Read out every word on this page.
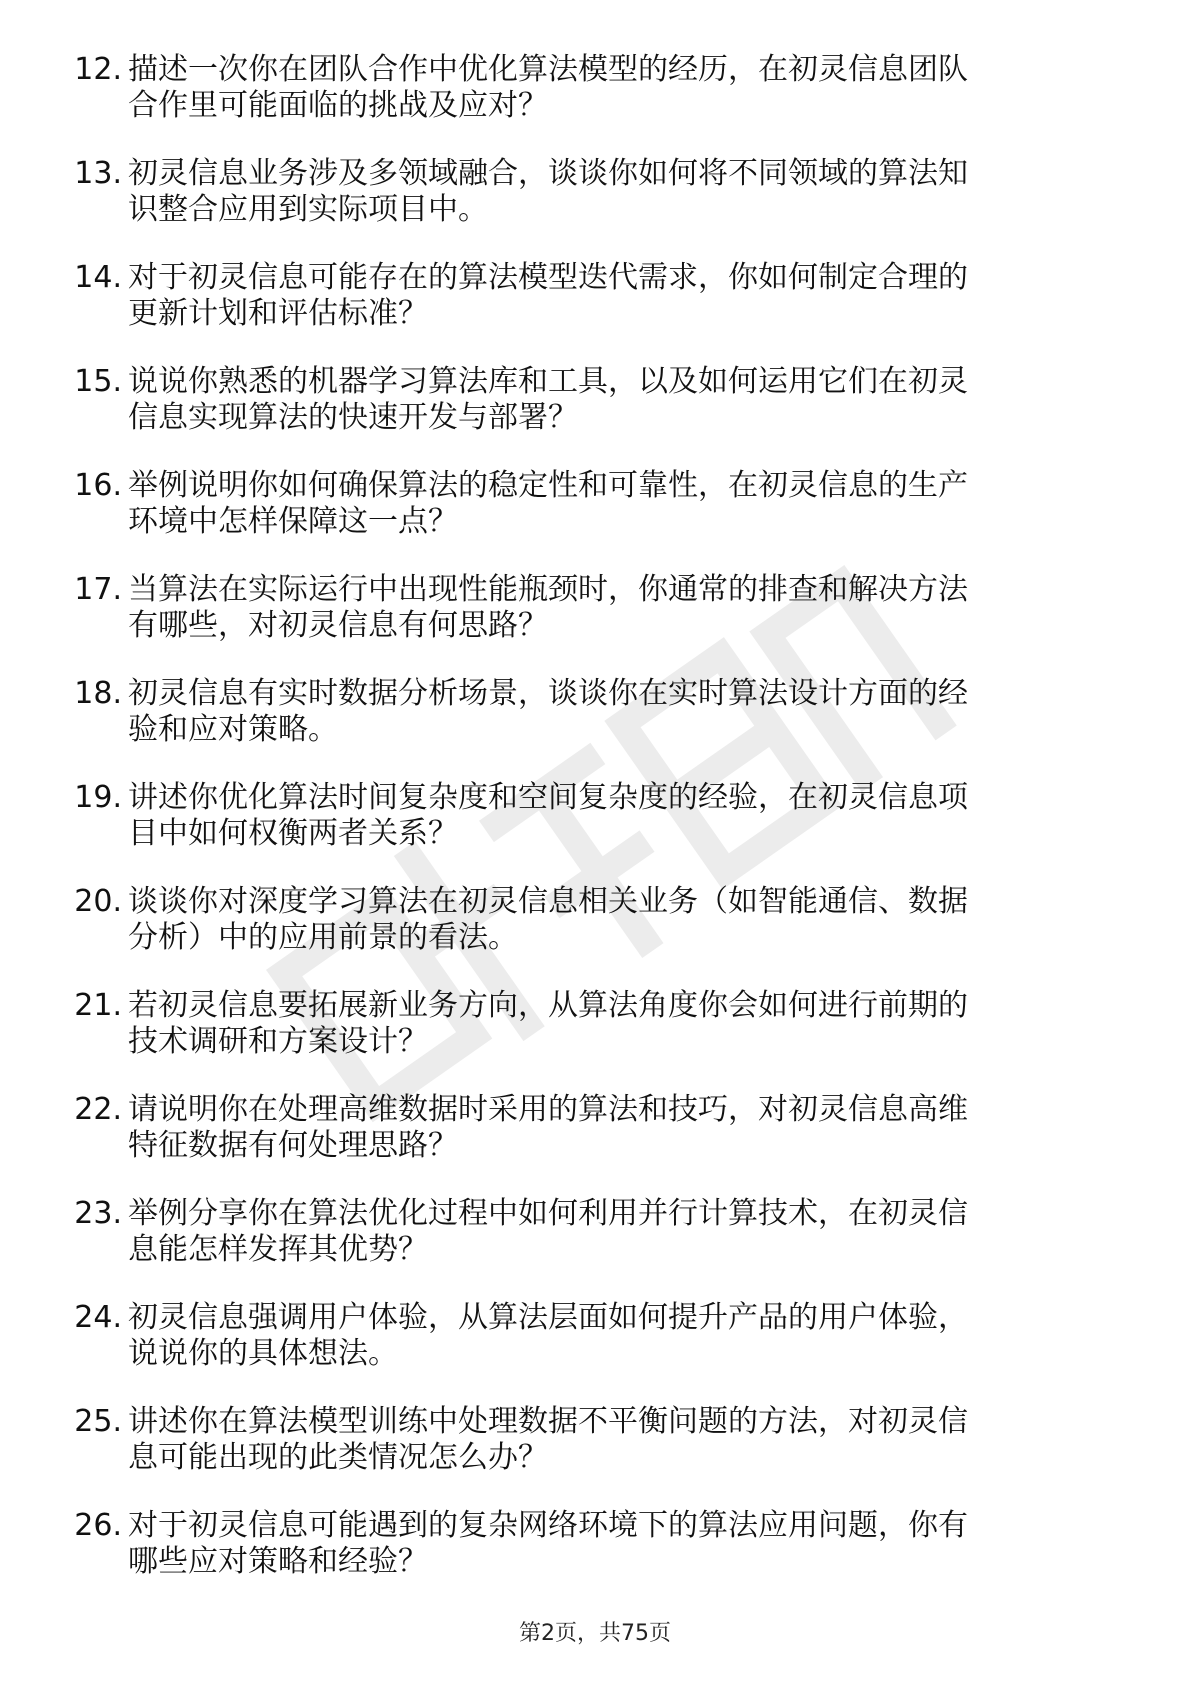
12. 描述一次你在团队合作中优化算法模型的经历，在初灵信息团队
合作里可能面临的挑战及应对？
13. 初灵信息业务涉及多领域融合，谈谈你如何将不同领域的算法知
识整合应用到实际项目中。
14. 对于初灵信息可能存在的算法模型迭代需求，你如何制定合理的
更新计划和评估标准？
15. 说说你熟悉的机器学习算法库和工具，以及如何运用它们在初灵
信息实现算法的快速开发与部署？
16. 举例说明你如何确保算法的稳定性和可靠性，在初灵信息的生产
环境中怎样保障这一点？
17. 当算法在实际运行中出现性能瓶颈时，你通常的排查和解决方法
有哪些，对初灵信息有何思路？
18. 初灵信息有实时数据分析场景，谈谈你在实时算法设计方面的经
验和应对策略。
19. 讲述你优化算法时间复杂度和空间复杂度的经验，在初灵信息项
目中如何权衡两者关系？
20. 谈谈你对深度学习算法在初灵信息相关业务（如智能通信、数据
分析）中的应用前景的看法。
21. 若初灵信息要拓展新业务方向，从算法角度你会如何进行前期的
技术调研和方案设计？
22. 请说明你在处理高维数据时采用的算法和技巧，对初灵信息高维
特征数据有何处理思路？
23. 举例分享你在算法优化过程中如何利用并行计算技术，在初灵信
息能怎样发挥其优势？
24. 初灵信息强调用户体验，从算法层面如何提升产品的用户体验，
说说你的具体想法。
25. 讲述你在算法模型训练中处理数据不平衡问题的方法，对初灵信
息可能出现的此类情况怎么办？
26. 对于初灵信息可能遇到的复杂网络环境下的算法应用问题，你有
哪些应对策略和经验？
第2页，共75页
